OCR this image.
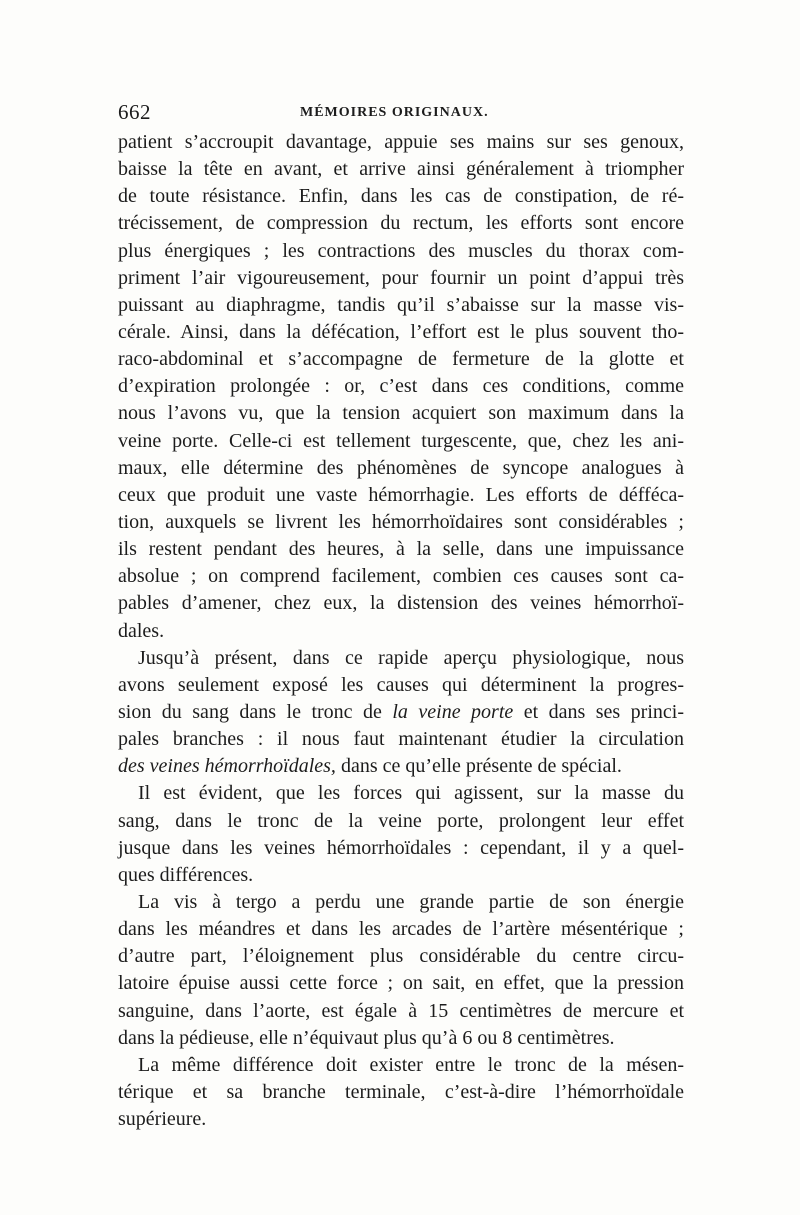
662	MÉMOIRES ORIGINAUX.
patient s’accroupit davantage, appuie ses mains sur ses genoux,
baisse la tête en avant, et arrive ainsi généralement à triompher
de toute résistance. Enfin, dans les cas de constipation, de ré-
trécissement, de compression du rectum, les efforts sont encore
plus énergiques ; les contractions des muscles du thorax com-
priment l’air vigoureusement, pour fournir un point d’appui très
puissant au diaphragme, tandis qu’il s’abaisse sur la masse vis-
cérale. Ainsi, dans la défécation, l’effort est le plus souvent tho-
raco-abdominal et s’accompagne de fermeture de la glotte et
d’expiration prolongée : or, c’est dans ces conditions, comme
nous l’avons vu, que la tension acquiert son maximum dans la
veine porte. Celle-ci est tellement turgescente, que, chez les ani-
maux, elle détermine des phénomènes de syncope analogues à
ceux que produit une vaste hémorrhagie. Les efforts de défféca-
tion, auxquels se livrent les hémorrhoïdaires sont considérables ;
ils restent pendant des heures, à la selle, dans une impuissance
absolue ; on comprend facilement, combien ces causes sont ca-
pables d’amener, chez eux, la distension des veines hémorrhoï-
dales.
Jusqu’à présent, dans ce rapide aperçu physiologique, nous
avons seulement exposé les causes qui déterminent la progres-
sion du sang dans le tronc de la veine porte et dans ses princi-
pales branches : il nous faut maintenant étudier la circulation
des veines hémorrhoïdales, dans ce qu’elle présente de spécial.
Il est évident, que les forces qui agissent, sur la masse du
sang, dans le tronc de la veine porte, prolongent leur effet
jusque dans les veines hémorrhoïdales : cependant, il y a quel-
ques différences.
La vis à tergo a perdu une grande partie de son énergie
dans les méandres et dans les arcades de l’artère mésentérique ;
d’autre part, l’éloignement plus considérable du centre circu-
latoire épuise aussi cette force ; on sait, en effet, que la pression
sanguine, dans l’aorte, est égale à 15 centimètres de mercure et
dans la pédieuse, elle n’équivaut plus qu’à 6 ou 8 centimètres.
La même différence doit exister entre le tronc de la mésen-
térique et sa branche terminale, c’est-à-dire l’hémorrhoïdale
supérieure.
